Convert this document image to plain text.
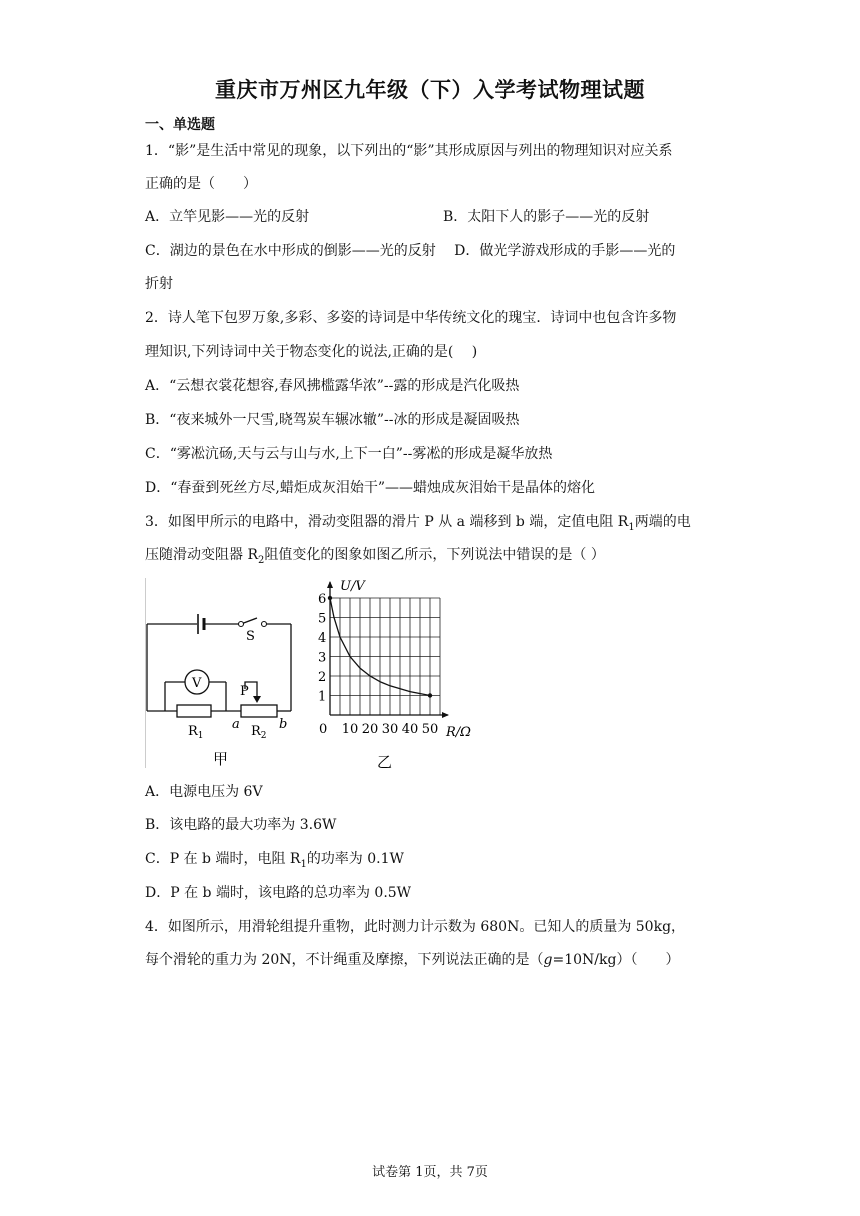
重庆市万州区九年级（下）入学考试物理试题
一、单选题
1．“影”是生活中常见的现象，以下列出的“影”其形成原因与列出的物理知识对应关系
正确的是（　　）
A．立竿见影——光的反射	B．太阳下人的影子——光的反射
C．湖边的景色在水中形成的倒影——光的反射　 D．做光学游戏形成的手影——光的
折射
2．诗人笔下包罗万象,多彩、多姿的诗词是中华传统文化的瑰宝．诗词中也包含许多物
理知识,下列诗词中关于物态变化的说法,正确的是(　 )
A．“云想衣裳花想容,春风拂槛露华浓”--露的形成是汽化吸热
B．“夜来城外一尺雪,晓驾炭车辗冰辙”--冰的形成是凝固吸热
C．“雾凇沆砀,天与云与山与水,上下一白”--雾凇的形成是凝华放热
D．“春蚕到死丝方尽,蜡炬成灰泪始干”——蜡烛成灰泪始干是晶体的熔化
3．如图甲所示的电路中，滑动变阻器的滑片 P 从 a 端移到 b 端，定值电阻 $R_1$两端的电
压随滑动变阻器 $R_2$阻值变化的图象如图乙所示，下列说法中错误的是（ ）
S
V
$R_1$	$R_2$
P
a	b
甲
1
2
3
4
5
6
10 20 30 40 50
U/V
R/Ω
0
乙
A．电源电压为 6V
B．该电路的最大功率为 3.6W
C．P 在 b 端时，电阻 $R_1$的功率为 0.1W
D．P 在 b 端时，该电路的总功率为 0.5W
4．如图所示，用滑轮组提升重物，此时测力计示数为 680N。已知人的质量为 50kg，
每个滑轮的重力为 20N，不计绳重及摩擦，下列说法正确的是（g=10N/kg）（　　）
试卷第 1页，共 7页
